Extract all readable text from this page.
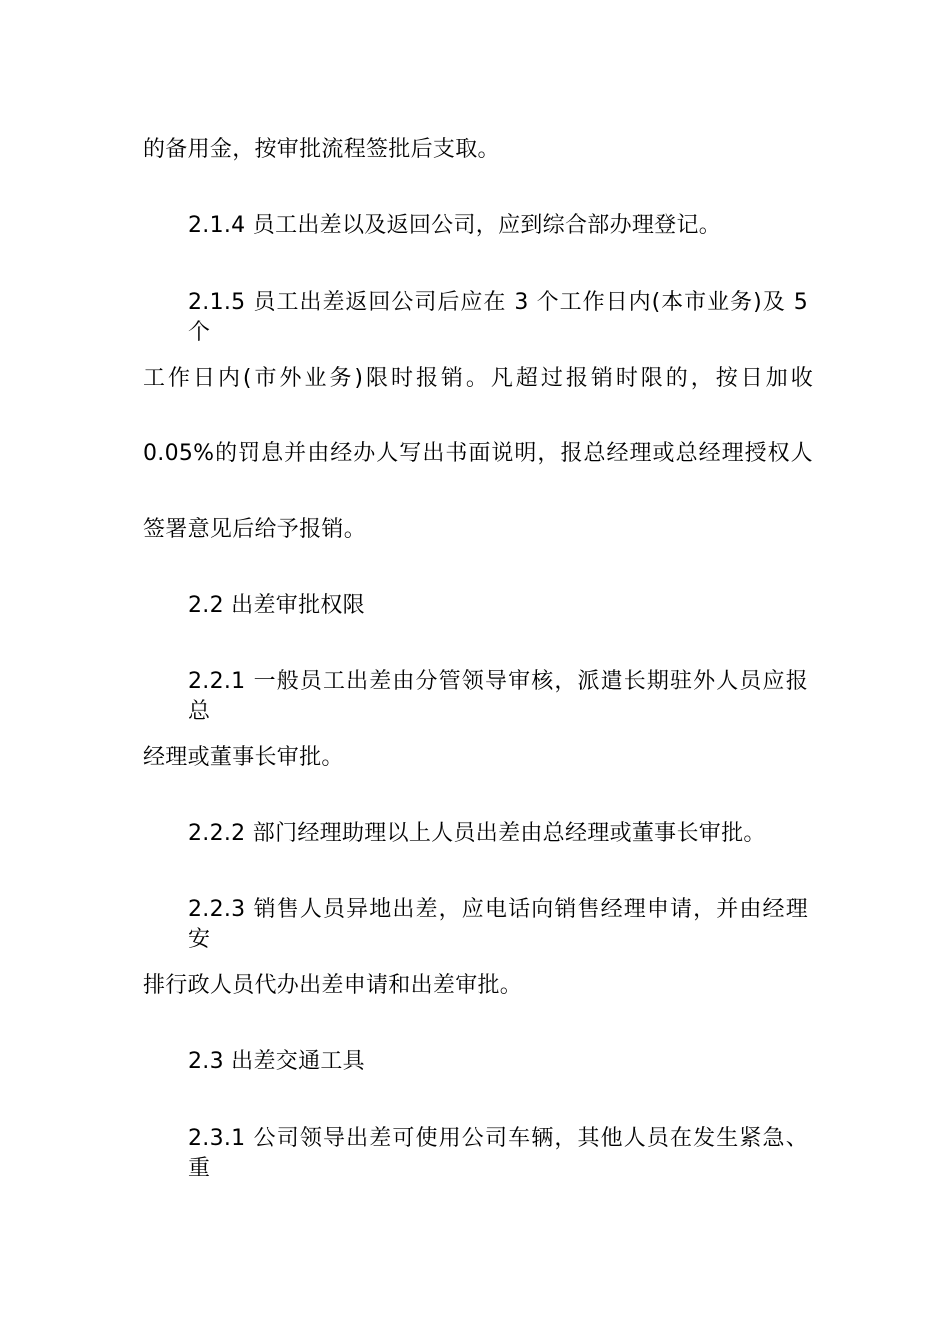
的备用金，按审批流程签批后支取。
2.1.4 员工出差以及返回公司，应到综合部办理登记。
2.1.5 员工出差返回公司后应在 3 个工作日内(本市业务)及 5 个
工作日内(市外业务)限时报销。凡超过报销时限的，按日加收
0.05%的罚息并由经办人写出书面说明，报总经理或总经理授权人
签署意见后给予报销。
2.2 出差审批权限
2.2.1 一般员工出差由分管领导审核，派遣长期驻外人员应报总
经理或董事长审批。
2.2.2 部门经理助理以上人员出差由总经理或董事长审批。
2.2.3 销售人员异地出差，应电话向销售经理申请，并由经理安
排行政人员代办出差申请和出差审批。
2.3 出差交通工具
2.3.1 公司领导出差可使用公司车辆，其他人员在发生紧急、重
